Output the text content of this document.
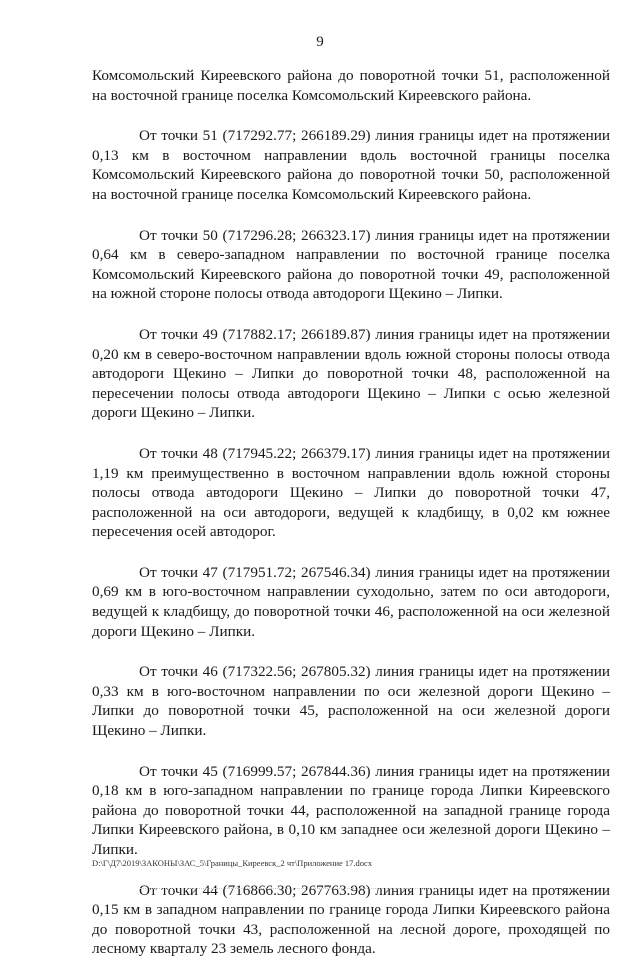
9

Комсомольский Киреевского района до поворотной точки 51, расположенной на восточной границе поселка Комсомольский Киреевского района.

От точки 51 (717292.77; 266189.29) линия границы идет на протяжении 0,13 км в восточном направлении вдоль восточной границы поселка Комсомольский Киреевского района до поворотной точки 50, расположенной на восточной границе поселка Комсомольский Киреевского района.

От точки 50 (717296.28; 266323.17) линия границы идет на протяжении 0,64 км в северо-западном направлении по восточной границе поселка Комсомольский Киреевского района до поворотной точки 49, расположенной на южной стороне полосы отвода автодороги Щекино – Липки.

От точки 49 (717882.17; 266189.87) линия границы идет на протяжении 0,20 км в северо-восточном направлении вдоль южной стороны полосы отвода автодороги Щекино – Липки до поворотной точки 48, расположенной на пересечении полосы отвода автодороги Щекино – Липки с осью железной дороги Щекино – Липки.

От точки 48 (717945.22; 266379.17) линия границы идет на протяжении 1,19 км преимущественно в восточном направлении вдоль южной стороны полосы отвода автодороги Щекино – Липки до поворотной точки 47, расположенной на оси автодороги, ведущей к кладбищу, в 0,02 км южнее пересечения осей автодорог.

От точки 47 (717951.72; 267546.34) линия границы идет на протяжении 0,69 км в юго-восточном направлении суходольно, затем по оси автодороги, ведущей к кладбищу, до поворотной точки 46, расположенной на оси железной дороги Щекино – Липки.

От точки 46 (717322.56; 267805.32) линия границы идет на протяжении 0,33 км в юго-восточном направлении по оси железной дороги Щекино – Липки до поворотной точки 45, расположенной на оси железной дороги Щекино – Липки.

От точки 45 (716999.57; 267844.36) линия границы идет на протяжении 0,18 км в юго-западном направлении по границе города Липки Киреевского района до поворотной точки 44, расположенной на западной границе города Липки Киреевского района, в 0,10 км западнее оси железной дороги Щекино – Липки.

От точки 44 (716866.30; 267763.98) линия границы идет на протяжении 0,15 км в западном направлении по границе города Липки Киреевского района до поворотной точки 43, расположенной на лесной дороге, проходящей по лесному кварталу 23 земель лесного фонда.

D:\Г\Д7\2019\ЗАКОНЫ\ЗАС_5\Границы_Киреевск_2 чт\Приложение 17.docx
